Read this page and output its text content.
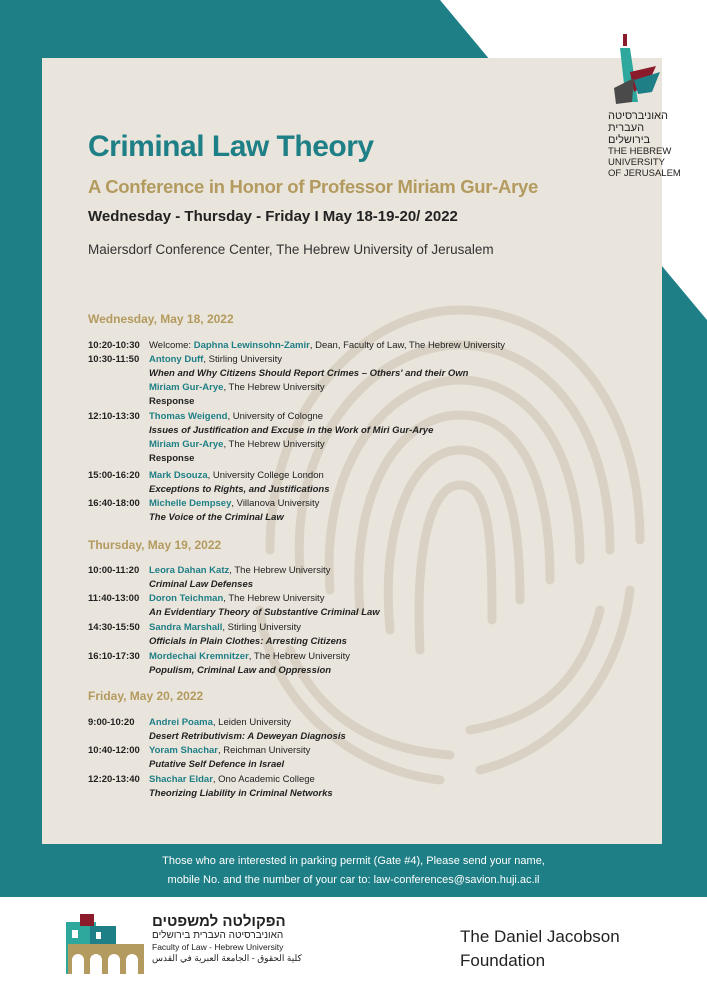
האוניברסיטה
העברית
בירושלים
THE HEBREW
UNIVERSITY
OF JERUSALEM
Criminal Law Theory
A Conference in Honor of Professor Miriam Gur-Arye
Wednesday - Thursday - Friday I May 18-19-20/ 2022
Maiersdorf Conference Center, The Hebrew University of Jerusalem
Wednesday, May 18, 2022
10:20-10:30 Welcome: Daphna Lewinsohn-Zamir, Dean, Faculty of Law, The Hebrew University
10:30-11:50 Antony Duff, Stirling University
When and Why Citizens Should Report Crimes – Others' and their Own
Miriam Gur-Arye, The Hebrew University
Response
12:10-13:30 Thomas Weigend, University of Cologne
Issues of Justification and Excuse in the Work of Miri Gur-Arye
Miriam Gur-Arye, The Hebrew University
Response
15:00-16:20 Mark Dsouza, University College London
Exceptions to Rights, and Justifications
16:40-18:00 Michelle Dempsey, Villanova University
The Voice of the Criminal Law
Thursday, May 19, 2022
10:00-11:20 Leora Dahan Katz, The Hebrew University
Criminal Law Defenses
11:40-13:00 Doron Teichman, The Hebrew University
An Evidentiary Theory of Substantive Criminal Law
14:30-15:50 Sandra Marshall, Stirling University
Officials in Plain Clothes: Arresting Citizens
16:10-17:30 Mordechai Kremnitzer, The Hebrew University
Populism, Criminal Law and Oppression
Friday, May 20, 2022
9:00-10:20 Andrei Poama, Leiden University
Desert Retributivism: A Deweyan Diagnosis
10:40-12:00 Yoram Shachar, Reichman University
Putative Self Defence in Israel
12:20-13:40 Shachar Eldar, Ono Academic College
Theorizing Liability in Criminal Networks
Those who are interested in parking permit (Gate #4), Please send your name,
mobile No. and the number of your car to: law-conferences@savion.huji.ac.il
הפקולטה למשפטים
האוניברסיטה העברית בירושלים
Faculty of Law - Hebrew University
كلية الحقوق - الجامعة العبرية في القدس
The Daniel Jacobson
Foundation
